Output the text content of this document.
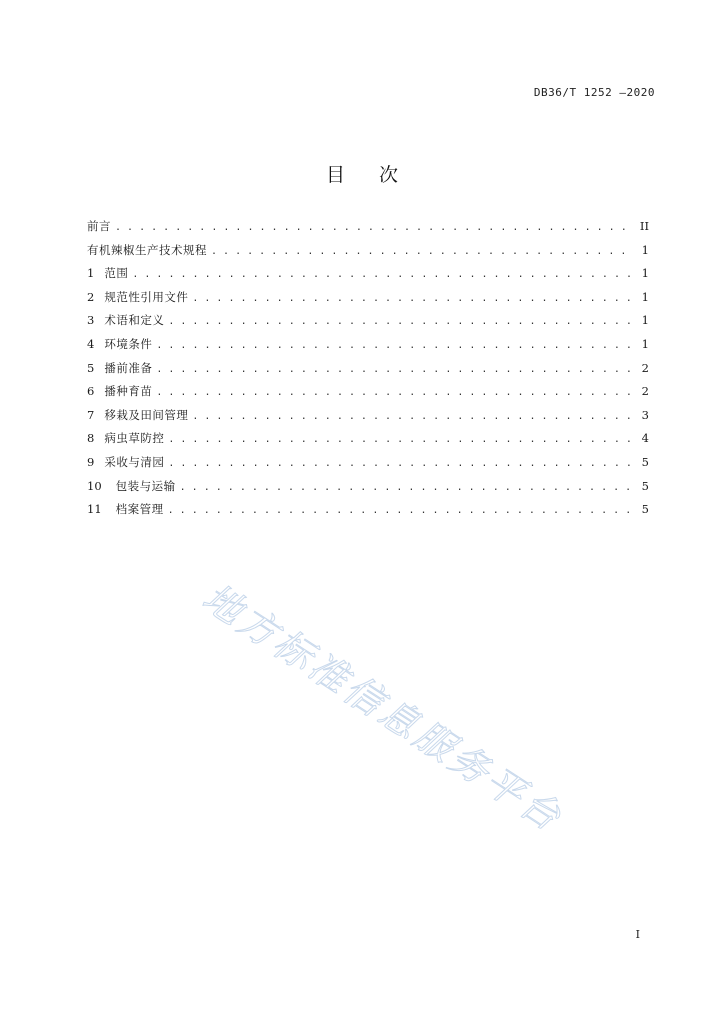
DB36/T 1252 —2020
目次
前言 . . .	II
有机辣椒生产技术规程 . . .	1
1 范围 . . .	1
2 规范性引用文件 . . .	1
3 术语和定义 . . .	1
4 环境条件 . . .	1
5 播前准备 . . .	2
6 播种育苗 . . .	2
7 移栽及田间管理 . . .	3
8 病虫草防控 . . .	4
9 采收与清园 . . .	5
10 包装与运输 . . .	5
11 档案管理 . . .	5
地方标准信息服务平台
I
